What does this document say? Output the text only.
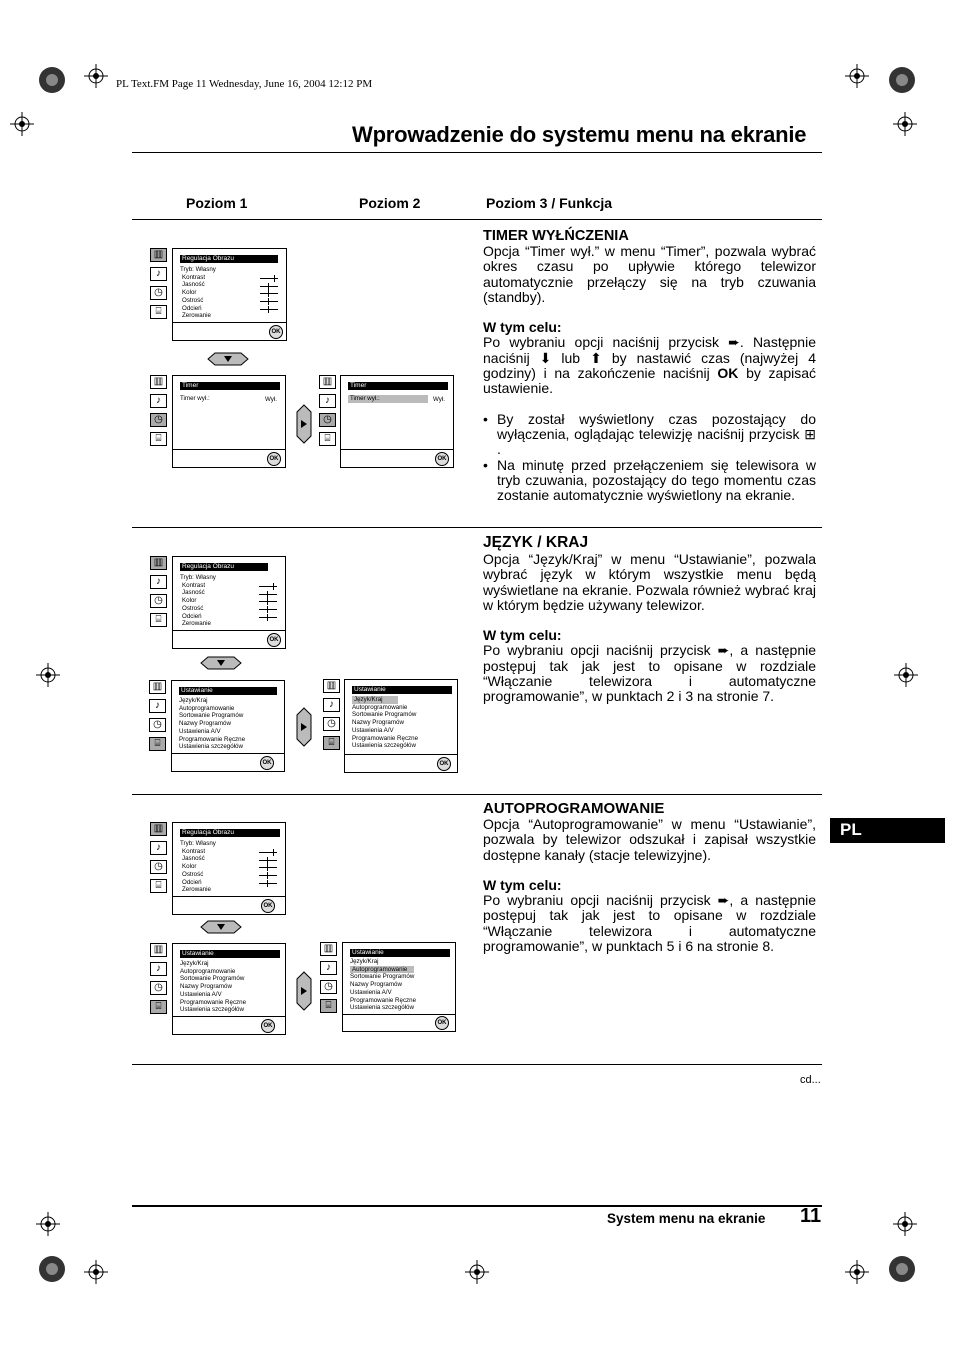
PL Text.FM Page 11 Wednesday, June 16, 2004 12:12 PM
Wprowadzenie do systemu menu na ekranie
Poziom 1	Poziom 2	Poziom 3 / Funkcja
▥
♪
◷
⌸
Regulacja Obrazu
Tryb: Własny
Kontrast
Jasność
Kolor
Ostrość
Odcień
Zerowanie
OK
▥
♪
◷
⌸
Timer
Timer wył.:	Wył.
OK
▥
♪
◷
⌸
Timer
Timer wył.:	Wył.
OK
TIMER WYŁŃCZENIA
Opcja “Timer wył.” w menu “Timer”, pozwala wybrać okres czasu po upływie którego telewizor automatycznie przełączy się na tryb czuwania (standby).
W tym celu:
Po wybraniu opcji naciśnij przycisk ➨. Następnie naciśnij ⬇ lub ⬆ by nastawić czas (najwyżej 4 godziny) i na zakończenie naciśnij OK by zapisać ustawienie.
• By został wyświetlony czas pozostający do wyłączenia, oglądając telewizję naciśnij przycisk ⊞ .
• Na minutę przed przełączeniem się telewisora w tryb czuwania, pozostający do tego momentu czas zostanie automatycznie wyświetlony na ekranie.
▥
♪
◷
⌸
Regulacja Obrazu
Tryb: Własny
Kontrast
Jasność
Kolor
Ostrość
Odcień
Zerowanie
OK
▥
♪
◷
⌸
Ustawianie
Język/Kraj
Autoprogramowanie
Sortowanie Programów
Nazwy Programów
Ustawienia A/V
Programowanie Ręczne
Ustawienia szczegółów
OK
▥
♪
◷
⌸
Ustawianie
Język/Kraj
Autoprogramowanie
Sortowanie Programów
Nazwy Programów
Ustawienia A/V
Programowanie Ręczne
Ustawienia szczegółów
OK
JĘZYK / KRAJ
Opcja “Język/Kraj” w menu “Ustawianie”, pozwala wybrać język w którym wszystkie menu będą wyświetlane na ekranie. Pozwala również wybrać kraj w którym będzie używany telewizor.
W tym celu:
Po wybraniu opcji naciśnij przycisk ➨, a następnie postępuj tak jak jest to opisane w rozdziale “Włączanie telewizora i automatyczne programowanie”, w punktach 2 i 3 na stronie 7.
▥
♪
◷
⌸
Regulacja Obrazu
Tryb: Własny
Kontrast
Jasność
Kolor
Ostrość
Odcień
Zerowanie
OK
▥
♪
◷
⌸
Ustawianie
Język/Kraj
Autoprogramowanie
Sortowanie Programów
Nazwy Programów
Ustawienia A/V
Programowanie Ręczne
Ustawienia szczegółów
OK
▥
♪
◷
⌸
Ustawianie
Język/Kraj
Autoprogramowanie
Sortowanie Programów
Nazwy Programów
Ustawienia A/V
Programowanie Ręczne
Ustawienia szczegółów
OK
AUTOPROGRAMOWANIE
Opcja “Autoprogramowanie” w menu “Ustawianie”, pozwala by telewizor odszukał i zapisał wszystkie dostępne kanały (stacje telewizyjne).
W tym celu:
Po wybraniu opcji naciśnij przycisk ➨, a następnie postępuj tak jak jest to opisane w rozdziale “Włączanie telewizora i automatyczne programowanie”, w punktach 5 i 6 na stronie 8.
PL
cd...
System menu na ekranie 11
